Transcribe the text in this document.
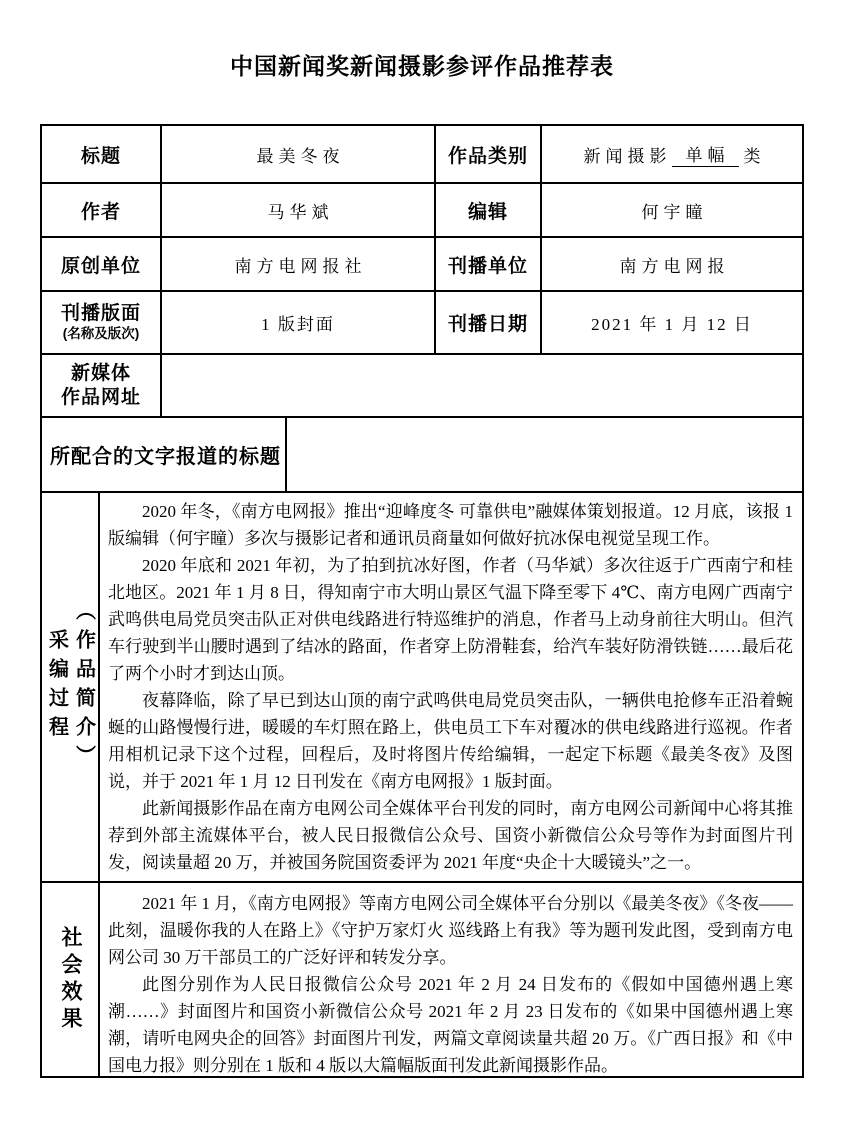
中国新闻奖新闻摄影参评作品推荐表
标题	最美冬夜	作品类别	新闻摄影 单幅 类
作者	马华斌	编辑	何宇瞳
原创单位	南方电网报社	刊播单位	南方电网报
刊播版面
(名称及版次)	1 版封面	刊播日期	2021 年 1 月 12 日
新媒体
作品网址
所配合的文字报道的标题
采编过程 （作品简介）

2020 年冬，《南方电网报》推出“迎峰度冬 可靠供电”融媒体策划报道。12 月底，该报 1 版编辑（何宇瞳）多次与摄影记者和通讯员商量如何做好抗冰保电视觉呈现工作。

2020 年底和 2021 年初，为了拍到抗冰好图，作者（马华斌）多次往返于广西南宁和桂北地区。2021 年 1 月 8 日，得知南宁市大明山景区气温下降至零下 4℃、南方电网广西南宁武鸣供电局党员突击队正对供电线路进行特巡维护的消息，作者马上动身前往大明山。但汽车行驶到半山腰时遇到了结冰的路面，作者穿上防滑鞋套，给汽车装好防滑铁链……最后花了两个小时才到达山顶。

夜幕降临，除了早已到达山顶的南宁武鸣供电局党员突击队，一辆供电抢修车正沿着蜿蜒的山路慢慢行进，暖暖的车灯照在路上，供电员工下车对覆冰的供电线路进行巡视。作者用相机记录下这个过程，回程后，及时将图片传给编辑，一起定下标题《最美冬夜》及图说，并于 2021 年 1 月 12 日刊发在《南方电网报》1 版封面。

此新闻摄影作品在南方电网公司全媒体平台刊发的同时，南方电网公司新闻中心将其推荐到外部主流媒体平台，被人民日报微信公众号、国资小新微信公众号等作为封面图片刊发，阅读量超 20 万，并被国务院国资委评为 2021 年度“央企十大暖镜头”之一。

社会效果

2021 年 1 月，《南方电网报》等南方电网公司全媒体平台分别以《最美冬夜》《冬夜——此刻，温暖你我的人在路上》《守护万家灯火 巡线路上有我》等为题刊发此图，受到南方电网公司 30 万干部员工的广泛好评和转发分享。

此图分别作为人民日报微信公众号 2021 年 2 月 24 日发布的《假如中国德州遇上寒潮……》封面图片和国资小新微信公众号 2021 年 2 月 23 日发布的《如果中国德州遇上寒潮，请听电网央企的回答》封面图片刊发，两篇文章阅读量共超 20 万。《广西日报》和《中国电力报》则分别在 1 版和 4 版以大篇幅版面刊发此新闻摄影作品。
